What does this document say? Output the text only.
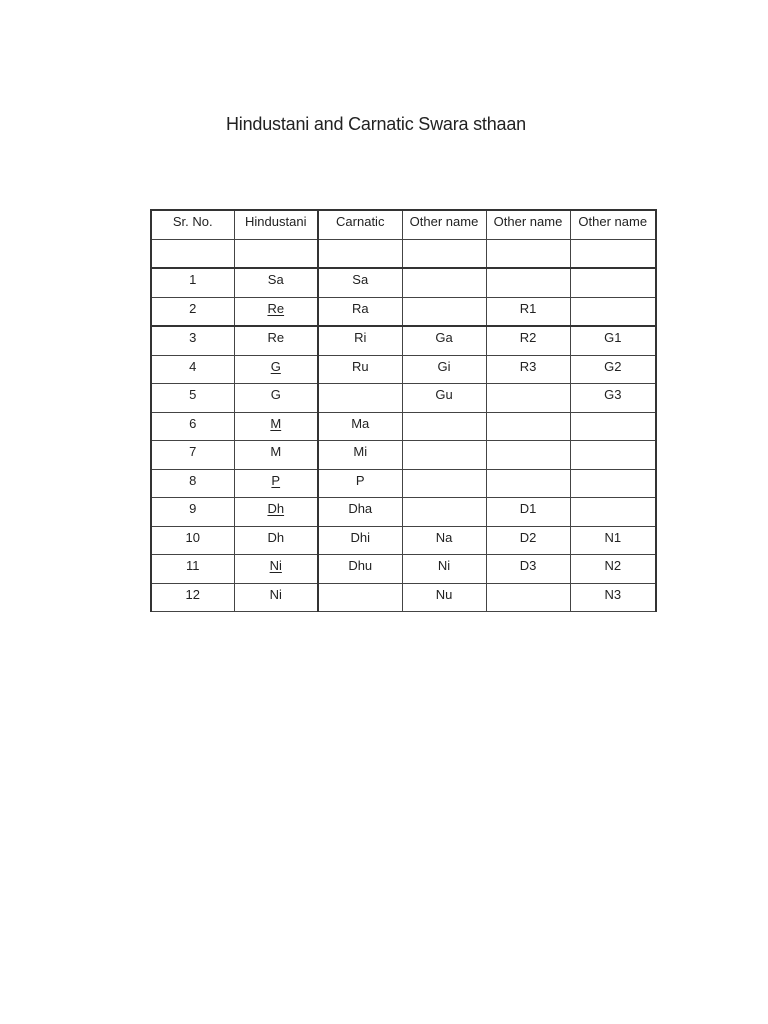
Hindustani and Carnatic Swara sthaan
Sr. No.	Hindustani	Carnatic	Other name	Other name	Other name

1	Sa	Sa			
2	Re	Ra		R1	
3	Re	Ri	Ga	R2	G1
4	G	Ru	Gi	R3	G2
5	G		Gu		G3
6	M	Ma			
7	M	Mi			
8	P	P			
9	Dh	Dha		D1	
10	Dh	Dhi	Na	D2	N1
11	Ni	Dhu	Ni	D3	N2
12	Ni		Nu		N3
